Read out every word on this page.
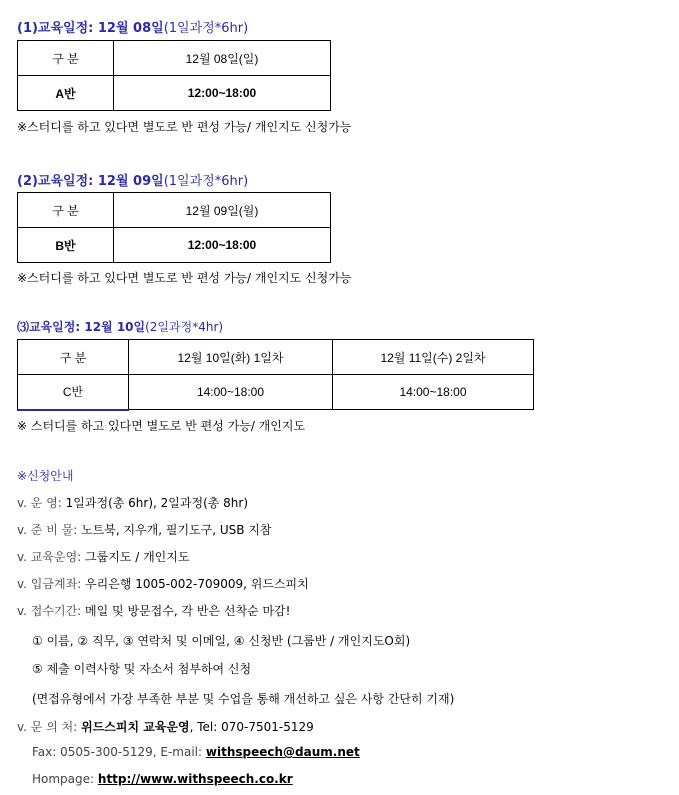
(1)교육일정: 12월 08일(1일과정*6hr)
구 분	12월 08일(일)
A반	12:00~18:00
※스터디를 하고 있다면 별도로 반 편성 가능/ 개인지도 신청가능
(2)교육일정: 12월 09일(1일과정*6hr)
구 분	12월 09일(월)
B반	12:00~18:00
※스터디를 하고 있다면 별도로 반 편성 가능/ 개인지도 신청가능
⑶교육일정: 12월 10일(2일과정*4hr)
구 분	12월 10일(화) 1일차	12월 11일(수) 2일차
C반	14:00~18:00	14:00~18:00
※ 스터디를 하고 있다면 별도로 반 편성 가능/ 개인지도
※신청안내
v. 운 영: 1일과정(총 6hr), 2일과정(총 8hr)
v. 준 비 물: 노트북, 지우개, 필기도구, USB 지참
v. 교육운영: 그룹지도 / 개인지도
v. 입금계좌: 우리은행 1005-002-709009, 위드스피치
v. 접수기간: 메일 및 방문접수, 각 반은 선착순 마감!
① 이름, ② 직무, ③ 연락처 및 이메일, ④ 신청반 (그룹반 / 개인지도O회)
⑤ 제출 이력사항 및 자소서 첨부하여 신청
(면접유형에서 가장 부족한 부분 및 수업을 통해 개선하고 싶은 사항 간단히 기재)
v. 문 의 처: 위드스피치 교육운영, Tel: 070-7501-5129
Fax: 0505-300-5129, E-mail: withspeech@daum.net
Hompage: http://www.withspeech.co.kr
